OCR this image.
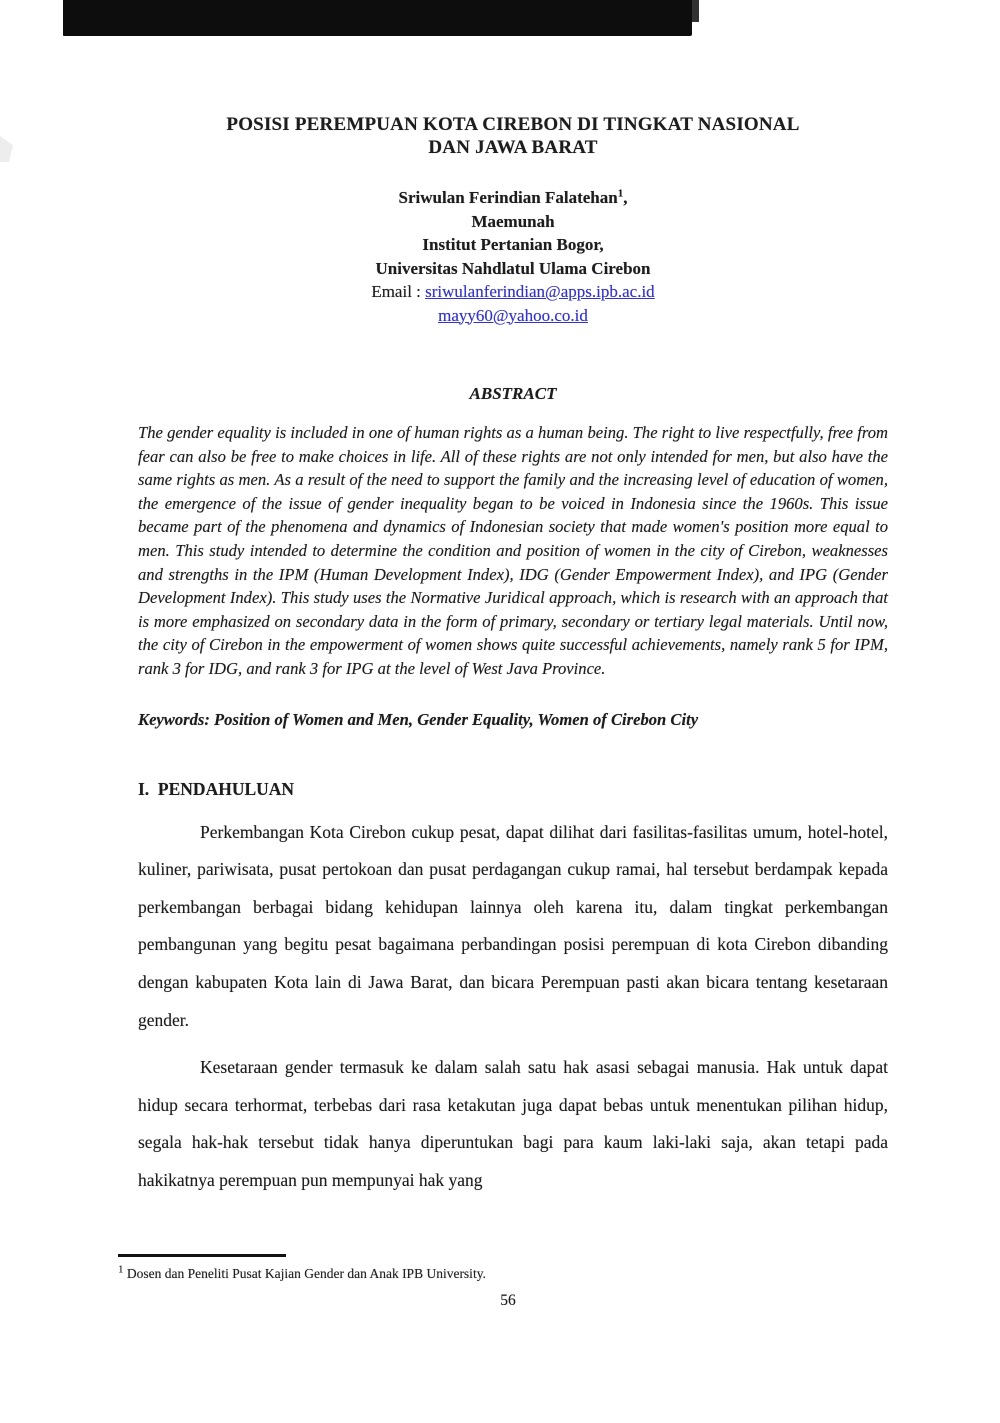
POSISI PEREMPUAN KOTA CIREBON DI TINGKAT NASIONAL
DAN JAWA BARAT
Sriwulan Ferindian Falatehan$^1$,
Maemunah
Institut Pertanian Bogor,
Universitas Nahdlatul Ulama Cirebon
Email : sriwulanferindian@apps.ipb.ac.id
mayy60@yahoo.co.id
ABSTRACT
The gender equality is included in one of human rights as a human being. The right to live respectfully, free from fear can also be free to make choices in life. All of these rights are not only intended for men, but also have the same rights as men. As a result of the need to support the family and the increasing level of education of women, the emergence of the issue of gender inequality began to be voiced in Indonesia since the 1960s. This issue became part of the phenomena and dynamics of Indonesian society that made women's position more equal to men. This study intended to determine the condition and position of women in the city of Cirebon, weaknesses and strengths in the IPM (Human Development Index), IDG (Gender Empowerment Index), and IPG (Gender Development Index). This study uses the Normative Juridical approach, which is research with an approach that is more emphasized on secondary data in the form of primary, secondary or tertiary legal materials. Until now, the city of Cirebon in the empowerment of women shows quite successful achievements, namely rank 5 for IPM, rank 3 for IDG, and rank 3 for IPG at the level of West Java Province.
Keywords: Position of Women and Men, Gender Equality, Women of Cirebon City
I.  PENDAHULUAN

Perkembangan Kota Cirebon cukup pesat, dapat dilihat dari fasilitas-fasilitas umum, hotel-hotel, kuliner, pariwisata, pusat pertokoan dan pusat perdagangan cukup ramai, hal tersebut berdampak kepada perkembangan berbagai bidang kehidupan lainnya oleh karena itu, dalam tingkat perkembangan pembangunan yang begitu pesat bagaimana perbandingan posisi perempuan di kota Cirebon dibanding dengan kabupaten Kota lain di Jawa Barat, dan bicara Perempuan pasti akan bicara tentang kesetaraan gender.

Kesetaraan gender termasuk ke dalam salah satu hak asasi sebagai manusia. Hak untuk dapat hidup secara terhormat, terbebas dari rasa ketakutan juga dapat bebas untuk menentukan pilihan hidup, segala hak-hak tersebut tidak hanya diperuntukan bagi para kaum laki-laki saja, akan tetapi pada hakikatnya perempuan pun mempunyai hak yang

$^1$ Dosen dan Peneliti Pusat Kajian Gender dan Anak IPB University.
56
